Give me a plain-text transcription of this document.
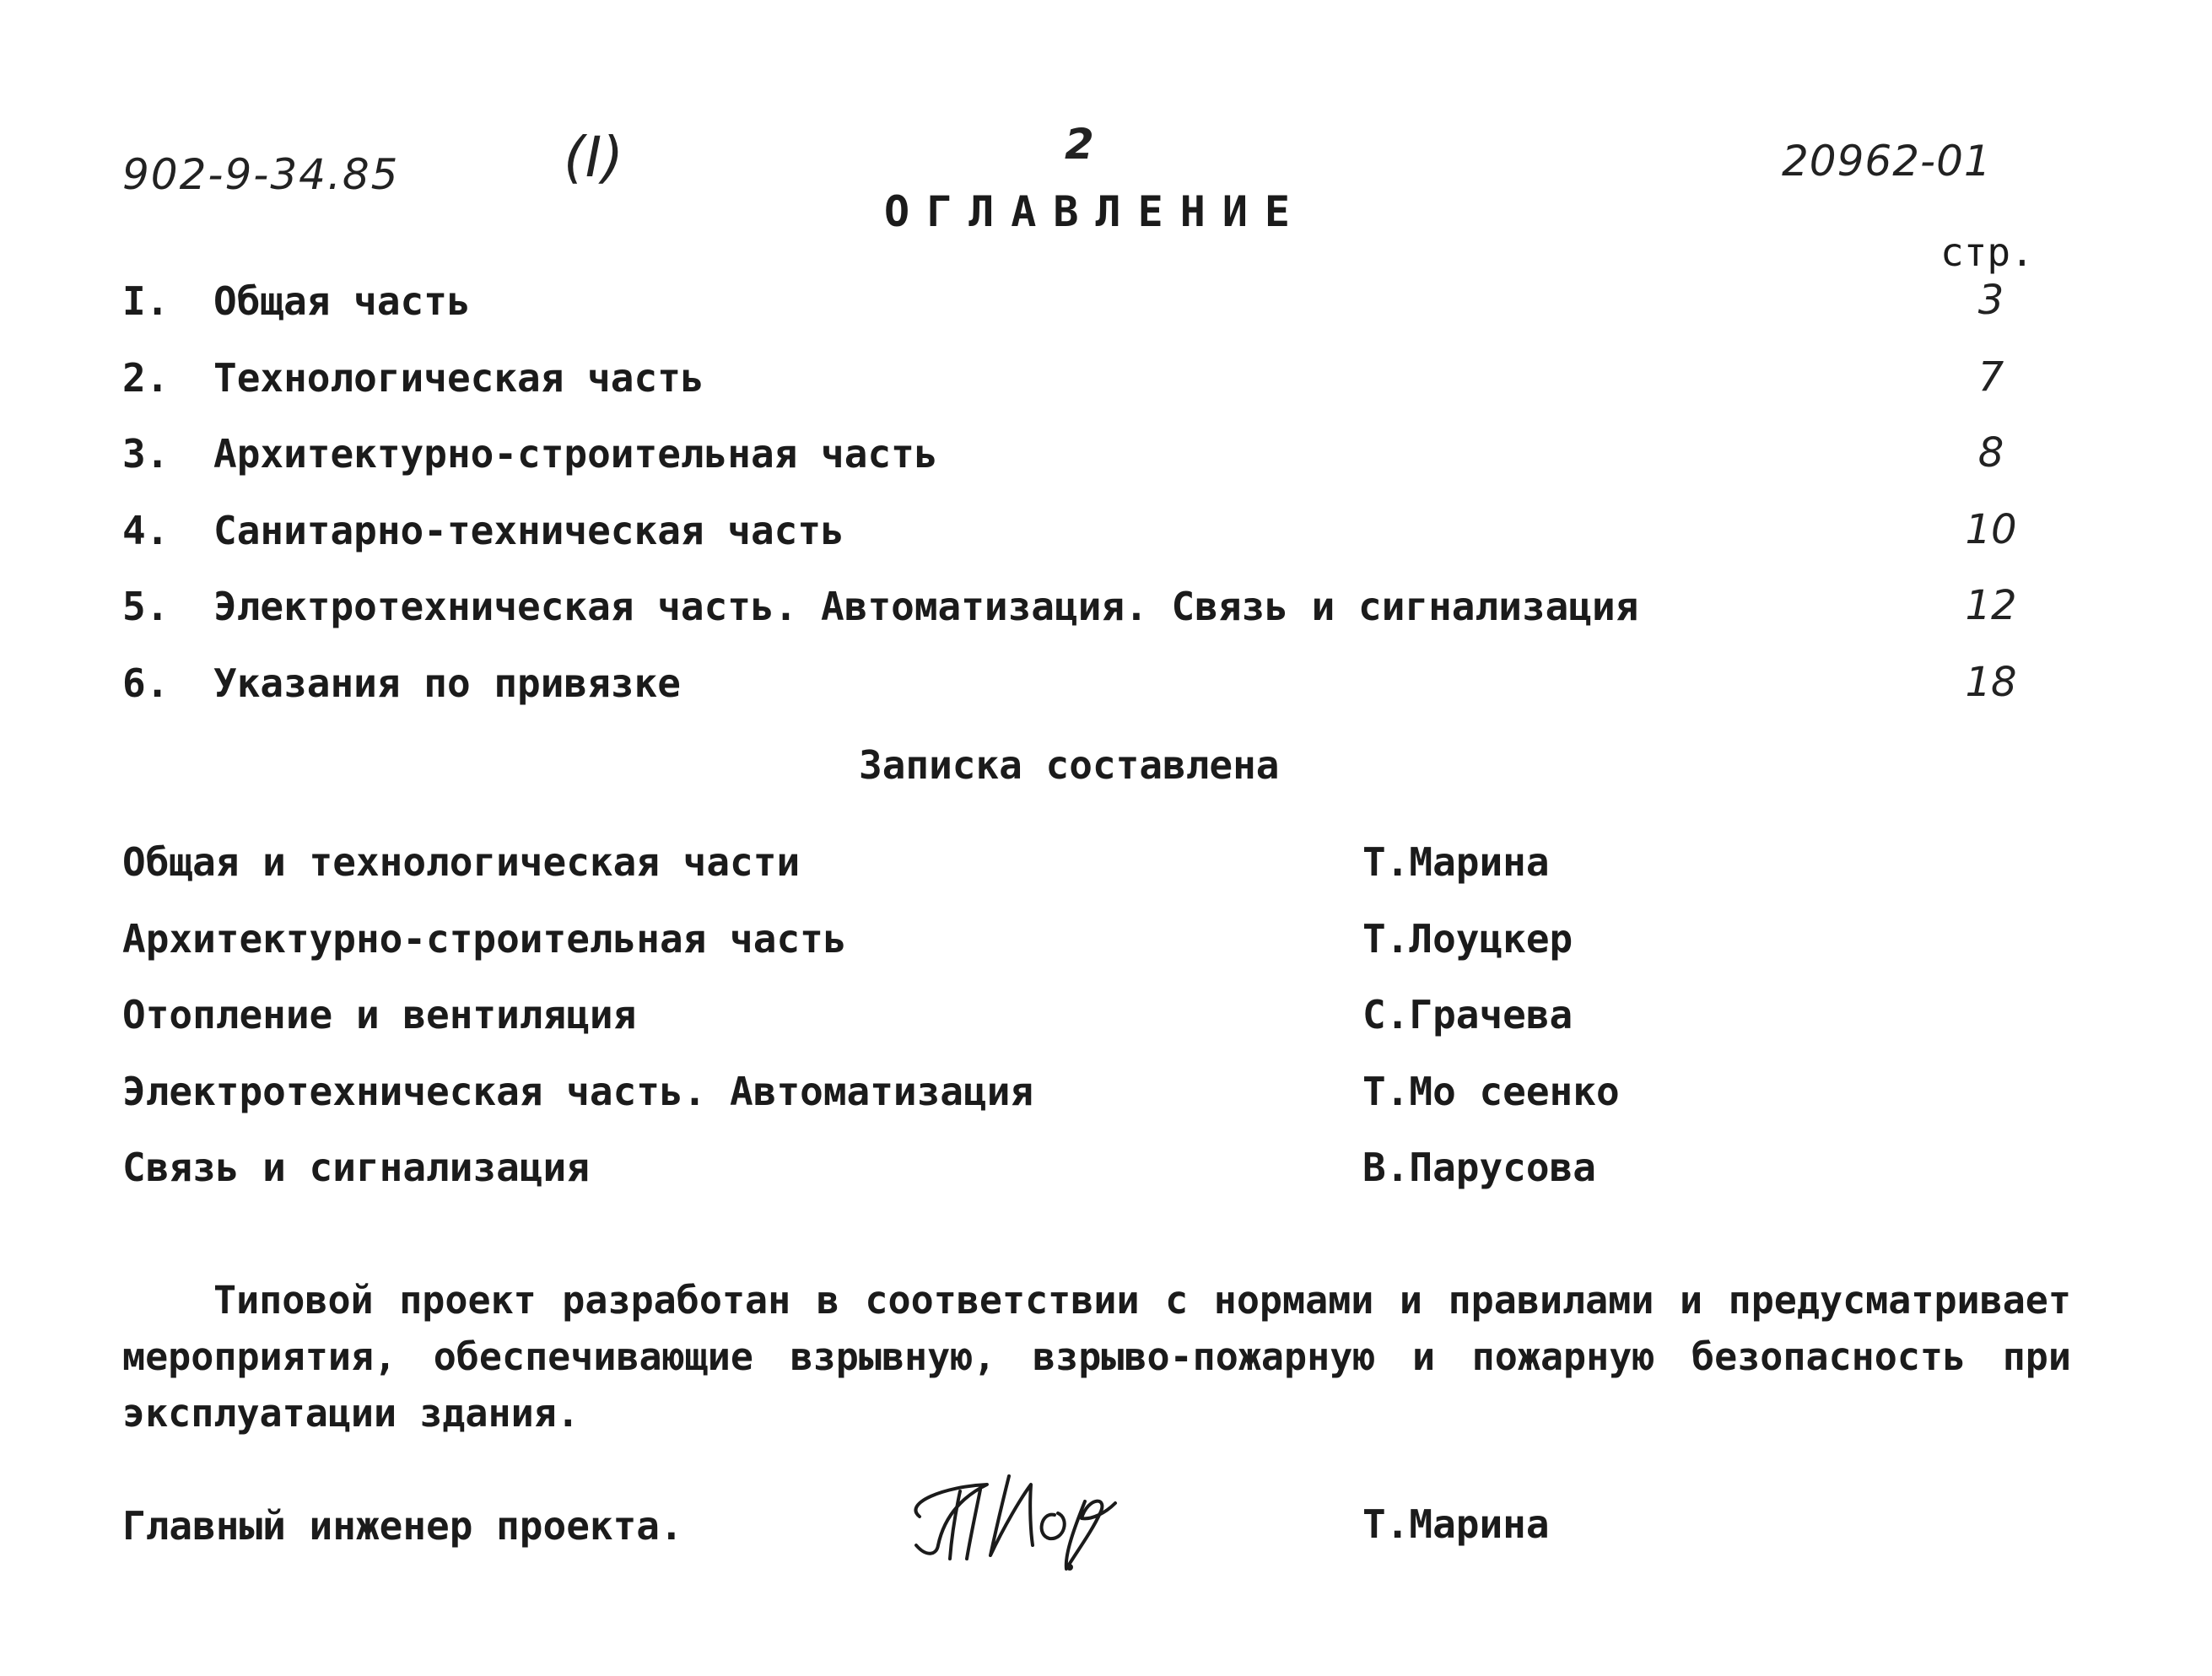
902-9-34.85	(I)	2	20962-01
ОГЛАВЛЕНИЕ
стр.
I. Общая часть	3
2. Технологическая часть	7
3. Архитектурно-строительная часть	8
4. Санитарно-техническая часть	10
5. Электротехническая часть. Автоматизация. Связь и сигнализация	12
6. Указания по привязке	18
Записка составлена
Общая и технологическая части	Т.Марина
Архитектурно-строительная часть	Т.Лоуцкер
Отопление и вентиляция	С.Грачева
Электротехническая часть. Автоматизация	Т.Мо сеенко
Связь и сигнализация	В.Парусова
Типовой проект разработан в соответствии с нормами и правилами и предусматривает мероприятия, обеспечивающие взрывную, взрыво-пожарную и пожарную безопасность при эксплуатации здания.
Главный инженер проекта.	Т.Марина
